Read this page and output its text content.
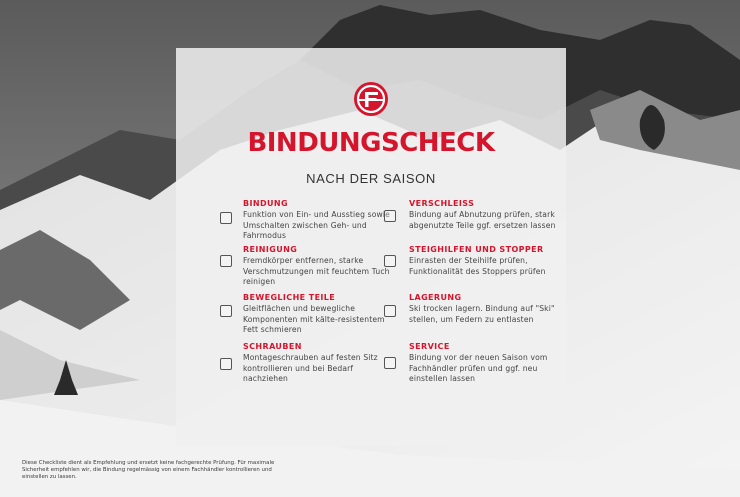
BINDUNGSCHECK
NACH DER SAISON
BINDUNG
Funktion von Ein- und Ausstieg sowie Umschalten zwischen Geh- und Fahrmodus
REINIGUNG
Fremdkörper entfernen, starke Verschmutzungen mit feuchtem Tuch reinigen
BEWEGLICHE TEILE
Gleitflächen und bewegliche Komponenten mit kälte-resistentem Fett schmieren
SCHRAUBEN
Montageschrauben auf festen Sitz kontrollieren und bei Bedarf nachziehen
VERSCHLEISS
Bindung auf Abnutzung prüfen, stark abgenutzte Teile ggf. ersetzen lassen
STEIGHILFEN UND STOPPER
Einrasten der Steihilfe prüfen, Funktionalität des Stoppers prüfen
LAGERUNG
Ski trocken lagern. Bindung auf "Ski" stellen, um Federn zu entlasten
SERVICE
Bindung vor der neuen Saison vom Fachhändler prüfen und ggf. neu einstellen lassen
Diese Checkliste dient als Empfehlung und ersetzt keine fachgerechte Prüfung. Für maximale Sicherheit empfehlen wir, die Bindung regelmässig von einem Fachhändler kontrollieren und einstellen zu lassen.
